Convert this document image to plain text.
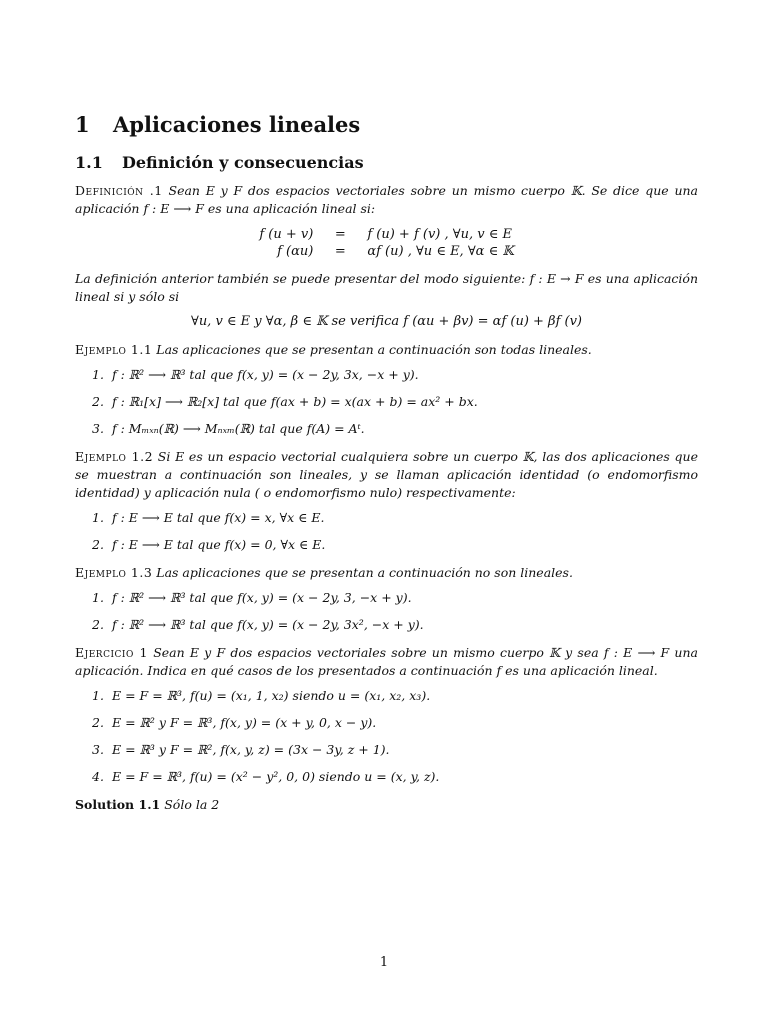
1 Aplicaciones lineales
1.1 Definición y consecuencias

Definición .1 Sean E y F dos espacios vectoriales sobre un mismo cuerpo 𝕂. Se dice que una aplicación f : E ⟶ F es una aplicación lineal si:

f (u + v)	=	f (u) + f (v) , ∀u, v ∈ E
f (αu)	=	αf (u) , ∀u ∈ E, ∀α ∈ 𝕂

La definición anterior también se puede presentar del modo siguiente: f : E → F es una aplicación lineal si y sólo si

∀u, v ∈ E y ∀α, β ∈ 𝕂 se verifica f (αu + βv) = αf (u) + βf (v)

Ejemplo 1.1 Las aplicaciones que se presentan a continuación son todas lineales.

1. f : ℝ² ⟶ ℝ³ tal que f(x, y) = (x − 2y, 3x, −x + y).
2. f : ℝ₁[x] ⟶ ℝ₂[x] tal que f(ax + b) = x(ax + b) = ax² + bx.
3. f : Mₘₓₙ(ℝ) ⟶ Mₙₓₘ(ℝ) tal que f(A) = Aᵗ.

Ejemplo 1.2 Si E es un espacio vectorial cualquiera sobre un cuerpo 𝕂, las dos aplicaciones que se muestran a continuación son lineales, y se llaman aplicación identidad (o endomorfismo identidad) y aplicación nula ( o endomorfismo nulo) respectivamente:

1. f : E ⟶ E tal que f(x) = x, ∀x ∈ E.
2. f : E ⟶ E tal que f(x) = 0, ∀x ∈ E.

Ejemplo 1.3 Las aplicaciones que se presentan a continuación no son lineales.

1. f : ℝ² ⟶ ℝ³ tal que f(x, y) = (x − 2y, 3, −x + y).
2. f : ℝ² ⟶ ℝ³ tal que f(x, y) = (x − 2y, 3x², −x + y).

Ejercicio 1 Sean E y F dos espacios vectoriales sobre un mismo cuerpo 𝕂 y sea f : E ⟶ F una aplicación. Indica en qué casos de los presentados a continuación f es una aplicación lineal.

1. E = F = ℝ³, f(u) = (x₁, 1, x₂) siendo u = (x₁, x₂, x₃).
2. E = ℝ² y F = ℝ³, f(x, y) = (x + y, 0, x − y).
3. E = ℝ³ y F = ℝ², f(x, y, z) = (3x − 3y, z + 1).
4. E = F = ℝ³, f(u) = (x² − y², 0, 0) siendo u = (x, y, z).

Solution 1.1 Sólo la 2

1
